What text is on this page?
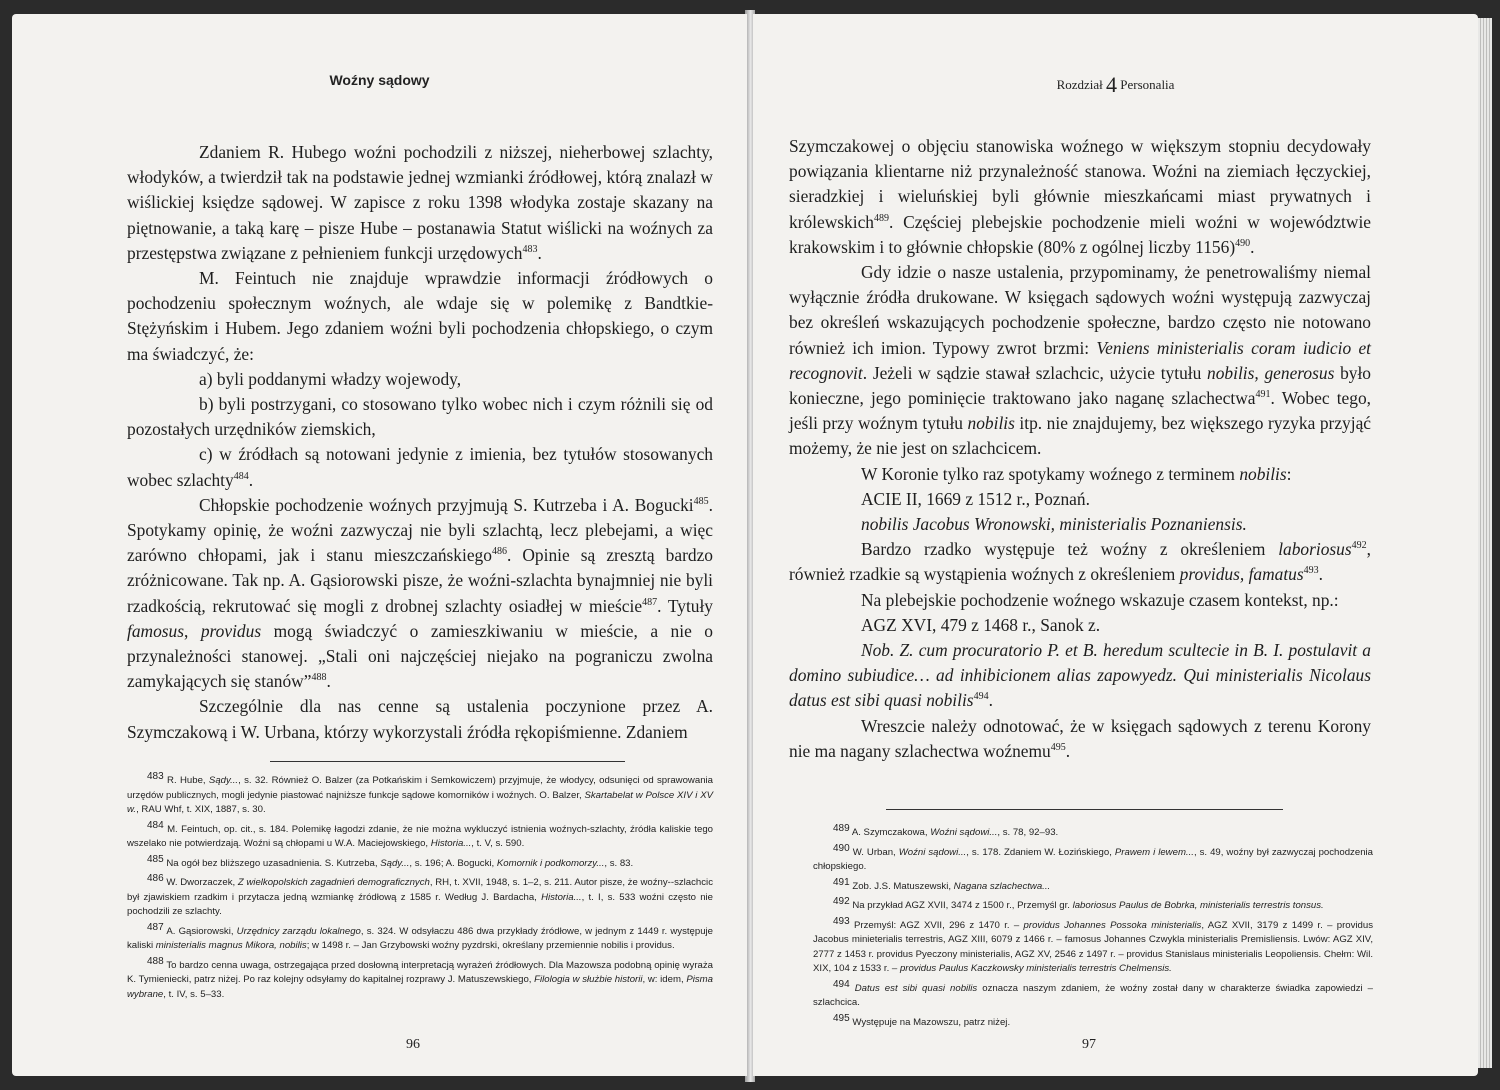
Woźny sądowy

Zdaniem R. Hubego woźni pochodzili z niższej, nieherbowej szlachty, włodyków, a twierdził tak na podstawie jednej wzmianki źródłowej, którą znalazł w wiślickiej księdze sądowej. W zapisce z roku 1398 włodyka zostaje skazany na piętnowanie, a taką karę – pisze Hube – postanawia Statut wiślicki na woźnych za przestępstwa związane z pełnieniem funkcji urzędowych$^{483}$.

M. Feintuch nie znajduje wprawdzie informacji źródłowych o pochodzeniu społecznym woźnych, ale wdaje się w polemikę z Bandtkie-Stężyńskim i Hubem. Jego zdaniem woźni byli pochodzenia chłopskiego, o czym ma świadczyć, że:

a) byli poddanymi władzy wojewody,

b) byli postrzygani, co stosowano tylko wobec nich i czym różnili się od pozostałych urzędników ziemskich,

c) w źródłach są notowani jedynie z imienia, bez tytułów stosowanych wobec szlachty$^{484}$.

Chłopskie pochodzenie woźnych przyjmują S. Kutrzeba i A. Bogucki$^{485}$. Spotykamy opinię, że woźni zazwyczaj nie byli szlachtą, lecz plebejami, a więc zarówno chłopami, jak i stanu mieszczańskiego$^{486}$. Opinie są zresztą bardzo zróżnicowane. Tak np. A. Gąsiorowski pisze, że woźni-szlachta bynajmniej nie byli rzadkością, rekrutować się mogli z drobnej szlachty osiadłej w mieście$^{487}$. Tytuły famosus, providus mogą świadczyć o zamieszkiwaniu w mieście, a nie o przynależności stanowej. „Stali oni najczęściej niejako na pograniczu zwolna zamykających się stanów”$^{488}$.

Szczególnie dla nas cenne są ustalenia poczynione przez A. Szymczakową i W. Urbana, którzy wykorzystali źródła rękopiśmienne. Zdaniem

$^{483}$ R. Hube, Sądy..., s. 32. Również O. Balzer (za Potkańskim i Semkowiczem) przyjmuje, że włodycy, odsunięci od sprawowania urzędów publicznych, mogli jedynie piastować najniższe funkcje sądowe komorników i woźnych. O. Balzer, Skartabelat w Polsce XIV i XV w., RAU Whf, t. XIX, 1887, s. 30.

$^{484}$ M. Feintuch, op. cit., s. 184. Polemikę łagodzi zdanie, że nie można wykluczyć istnienia woźnych-szlachty, źródła kaliskie tego wszelako nie potwierdzają. Woźni są chłopami u W.A. Maciejowskiego, Historia..., t. V, s. 590.

$^{485}$ Na ogół bez bliższego uzasadnienia. S. Kutrzeba, Sądy..., s. 196; A. Bogucki, Komornik i podkomorzy..., s. 83.

$^{486}$ W. Dworzaczek, Z wielkopolskich zagadnień demograficznych, RH, t. XVII, 1948, s. 1–2, s. 211. Autor pisze, że woźny--szlachcic był zjawiskiem rzadkim i przytacza jedną wzmiankę źródłową z 1585 r. Według J. Bardacha, Historia..., t. I, s. 533 woźni często nie pochodzili ze szlachty.

$^{487}$ A. Gąsiorowski, Urzędnicy zarządu lokalnego, s. 324. W odsyłaczu 486 dwa przykłady źródłowe, w jednym z 1449 r. występuje kaliski ministerialis magnus Mikora, nobilis; w 1498 r. – Jan Grzybowski woźny pyzdrski, określany przemiennie nobilis i providus.

$^{488}$ To bardzo cenna uwaga, ostrzegająca przed dosłowną interpretacją wyrażeń źródłowych. Dla Mazowsza podobną opinię wyraża K. Tymieniecki, patrz niżej. Po raz kolejny odsyłamy do kapitalnej rozprawy J. Matuszewskiego, Filologia w służbie historii, w: idem, Pisma wybrane, t. IV, s. 5–33.

96
Rozdział 4 Personalia

Szymczakowej o objęciu stanowiska woźnego w większym stopniu decydowały powiązania klientarne niż przynależność stanowa. Woźni na ziemiach łęczyckiej, sieradzkiej i wieluńskiej byli głównie mieszkańcami miast prywatnych i królewskich$^{489}$. Częściej plebejskie pochodzenie mieli woźni w województwie krakowskim i to głównie chłopskie (80% z ogólnej liczby 1156)$^{490}$.

Gdy idzie o nasze ustalenia, przypominamy, że penetrowaliśmy niemal wyłącznie źródła drukowane. W księgach sądowych woźni występują zazwyczaj bez określeń wskazujących pochodzenie społeczne, bardzo często nie notowano również ich imion. Typowy zwrot brzmi: Veniens ministerialis coram iudicio et recognovit. Jeżeli w sądzie stawał szlachcic, użycie tytułu nobilis, generosus było konieczne, jego pominięcie traktowano jako naganę szlachectwa$^{491}$. Wobec tego, jeśli przy woźnym tytułu nobilis itp. nie znajdujemy, bez większego ryzyka przyjąć możemy, że nie jest on szlachcicem.

W Koronie tylko raz spotykamy woźnego z terminem nobilis:

ACIE II, 1669 z 1512 r., Poznań.

nobilis Jacobus Wronowski, ministerialis Poznaniensis.

Bardzo rzadko występuje też woźny z określeniem laboriosus$^{492}$, również rzadkie są wystąpienia woźnych z określeniem providus, famatus$^{493}$.

Na plebejskie pochodzenie woźnego wskazuje czasem kontekst, np.:

AGZ XVI, 479 z 1468 r., Sanok z.

Nob. Z. cum procuratorio P. et B. heredum scultecie in B. I. postulavit a domino subiudice… ad inhibicionem alias zapowyedz. Qui ministerialis Nicolaus datus est sibi quasi nobilis$^{494}$.

Wreszcie należy odnotować, że w księgach sądowych z terenu Korony nie ma nagany szlachectwa woźnemu$^{495}$.

$^{489}$ A. Szymczakowa, Woźni sądowi..., s. 78, 92–93.

$^{490}$ W. Urban, Woźni sądowi..., s. 178. Zdaniem W. Łozińskiego, Prawem i lewem..., s. 49, woźny był zazwyczaj pochodzenia chłopskiego.

$^{491}$ Zob. J.S. Matuszewski, Nagana szlachectwa...

$^{492}$ Na przykład AGZ XVII, 3474 z 1500 r., Przemyśl gr. laboriosus Paulus de Bobrka, ministerialis terrestris tonsus.

$^{493}$ Przemyśl: AGZ XVII, 296 z 1470 r. – providus Johannes Possoka ministerialis, AGZ XVII, 3179 z 1499 r. – providus Jacobus minieterialis terrestris, AGZ XIII, 6079 z 1466 r. – famosus Johannes Czwykla ministerialis Premisliensis. Lwów: AGZ XIV, 2777 z 1453 r. providus Pyeczony ministerialis, AGZ XV, 2546 z 1497 r. – providus Stanislaus ministerialis Leopoliensis. Chełm: Wil. XIX, 104 z 1533 r. – providus Paulus Kaczkowsky ministerialis terrestris Chelmensis.

$^{494}$ Datus est sibi quasi nobilis oznacza naszym zdaniem, że woźny został dany w charakterze świadka zapowiedzi – szlachcica.

$^{495}$ Występuje na Mazowszu, patrz niżej.

97
